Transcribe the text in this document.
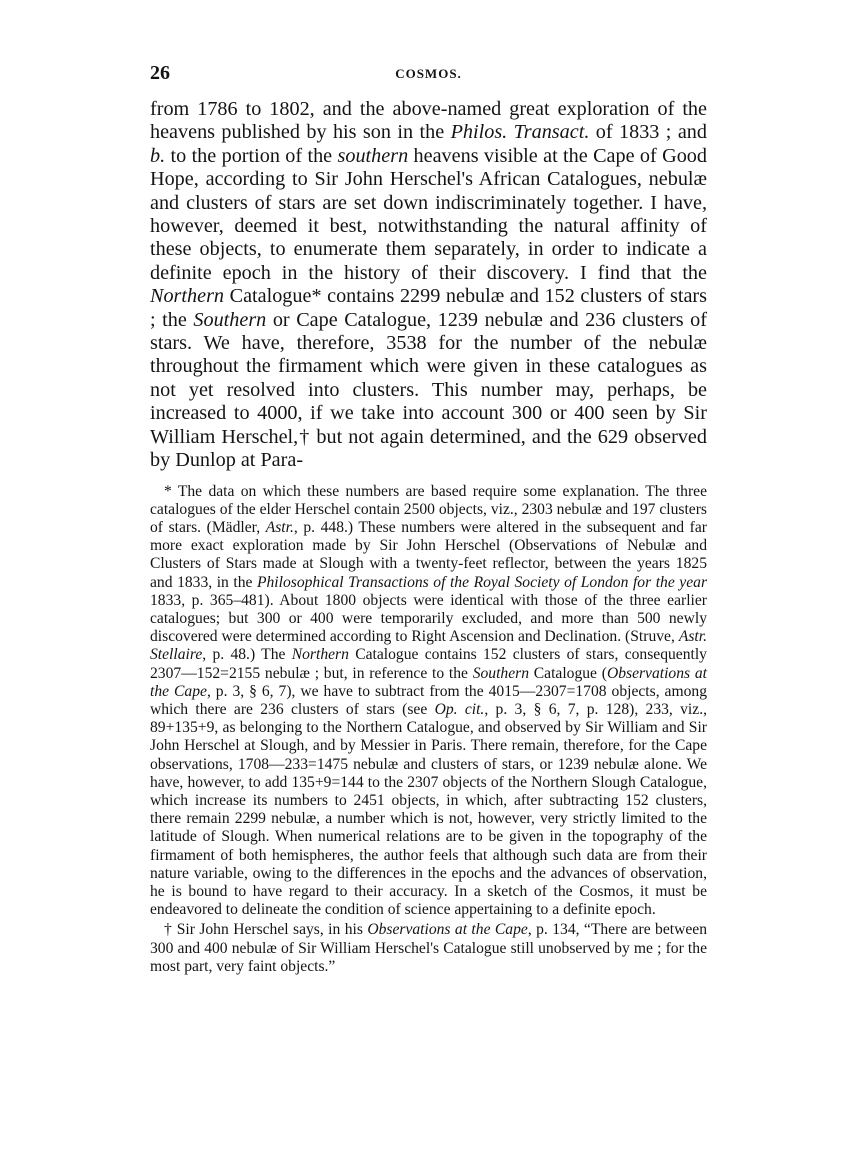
26	COSMOS.

from 1786 to 1802, and the above-named great exploration of the heavens published by his son in the Philos. Transact. of 1833 ; and b. to the portion of the southern heavens visible at the Cape of Good Hope, according to Sir John Herschel's African Catalogues, nebulæ and clusters of stars are set down indiscriminately together. I have, however, deemed it best, notwithstanding the natural affinity of these objects, to enumerate them separately, in order to indicate a definite epoch in the history of their discovery. I find that the Northern Catalogue* contains 2299 nebulæ and 152 clusters of stars ; the Southern or Cape Catalogue, 1239 nebulæ and 236 clusters of stars. We have, therefore, 3538 for the number of the nebulæ throughout the firmament which were given in these catalogues as not yet resolved into clusters. This number may, perhaps, be increased to 4000, if we take into account 300 or 400 seen by Sir William Herschel,† but not again determined, and the 629 observed by Dunlop at Para-

* The data on which these numbers are based require some explanation. The three catalogues of the elder Herschel contain 2500 objects, viz., 2303 nebulæ and 197 clusters of stars. (Mädler, Astr., p. 448.) These numbers were altered in the subsequent and far more exact exploration made by Sir John Herschel (Observations of Nebulæ and Clusters of Stars made at Slough with a twenty-feet reflector, between the years 1825 and 1833, in the Philosophical Transactions of the Royal Society of London for the year 1833, p. 365–481). About 1800 objects were identical with those of the three earlier catalogues; but 300 or 400 were temporarily excluded, and more than 500 newly discovered were determined according to Right Ascension and Declination. (Struve, Astr. Stellaire, p. 48.) The Northern Catalogue contains 152 clusters of stars, consequently 2307—152=2155 nebulæ ; but, in reference to the Southern Catalogue (Observations at the Cape, p. 3, § 6, 7), we have to subtract from the 4015—2307=1708 objects, among which there are 236 clusters of stars (see Op. cit., p. 3, § 6, 7, p. 128), 233, viz., 89+135+9, as belonging to the Northern Catalogue, and observed by Sir William and Sir John Herschel at Slough, and by Messier in Paris. There remain, therefore, for the Cape observations, 1708—233=1475 nebulæ and clusters of stars, or 1239 nebulæ alone. We have, however, to add 135+9=144 to the 2307 objects of the Northern Slough Catalogue, which increase its numbers to 2451 objects, in which, after subtracting 152 clusters, there remain 2299 nebulæ, a number which is not, however, very strictly limited to the latitude of Slough. When numerical relations are to be given in the topography of the firmament of both hemispheres, the author feels that although such data are from their nature variable, owing to the differences in the epochs and the advances of observation, he is bound to have regard to their accuracy. In a sketch of the Cosmos, it must be endeavored to delineate the condition of science appertaining to a definite epoch.

† Sir John Herschel says, in his Observations at the Cape, p. 134, “There are between 300 and 400 nebulæ of Sir William Herschel's Catalogue still unobserved by me ; for the most part, very faint objects.”
